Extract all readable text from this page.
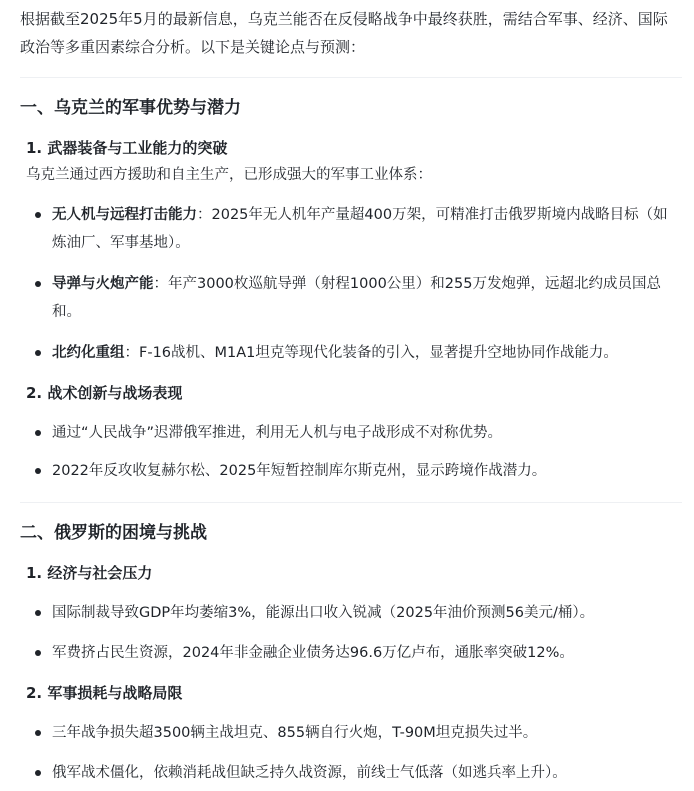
根据截至2025年5月的最新信息，乌克兰能否在反侵略战争中最终获胜，需结合军事、经济、国际政治等多重因素综合分析。以下是关键论点与预测：
一、乌克兰的军事优势与潜力
1. 武器装备与工业能力的突破
乌克兰通过西方援助和自主生产，已形成强大的军事工业体系：
无人机与远程打击能力：2025年无人机年产量超400万架，可精准打击俄罗斯境内战略目标（如炼油厂、军事基地）。
导弹与火炮产能：年产3000枚巡航导弹（射程1000公里）和255万发炮弹，远超北约成员国总和。
北约化重组：F-16战机、M1A1坦克等现代化装备的引入，显著提升空地协同作战能力。
2. 战术创新与战场表现
通过“人民战争”迟滞俄军推进，利用无人机与电子战形成不对称优势。
2022年反攻收复赫尔松、2025年短暂控制库尔斯克州，显示跨境作战潜力。
二、俄罗斯的困境与挑战
1. 经济与社会压力
国际制裁导致GDP年均萎缩3%，能源出口收入锐减（2025年油价预测56美元/桶）。
军费挤占民生资源，2024年非金融企业债务达96.6万亿卢布，通胀率突破12%。
2. 军事损耗与战略局限
三年战争损失超3500辆主战坦克、855辆自行火炮，T-90M坦克损失过半。
俄军战术僵化，依赖消耗战但缺乏持久战资源，前线士气低落（如逃兵率上升）。
